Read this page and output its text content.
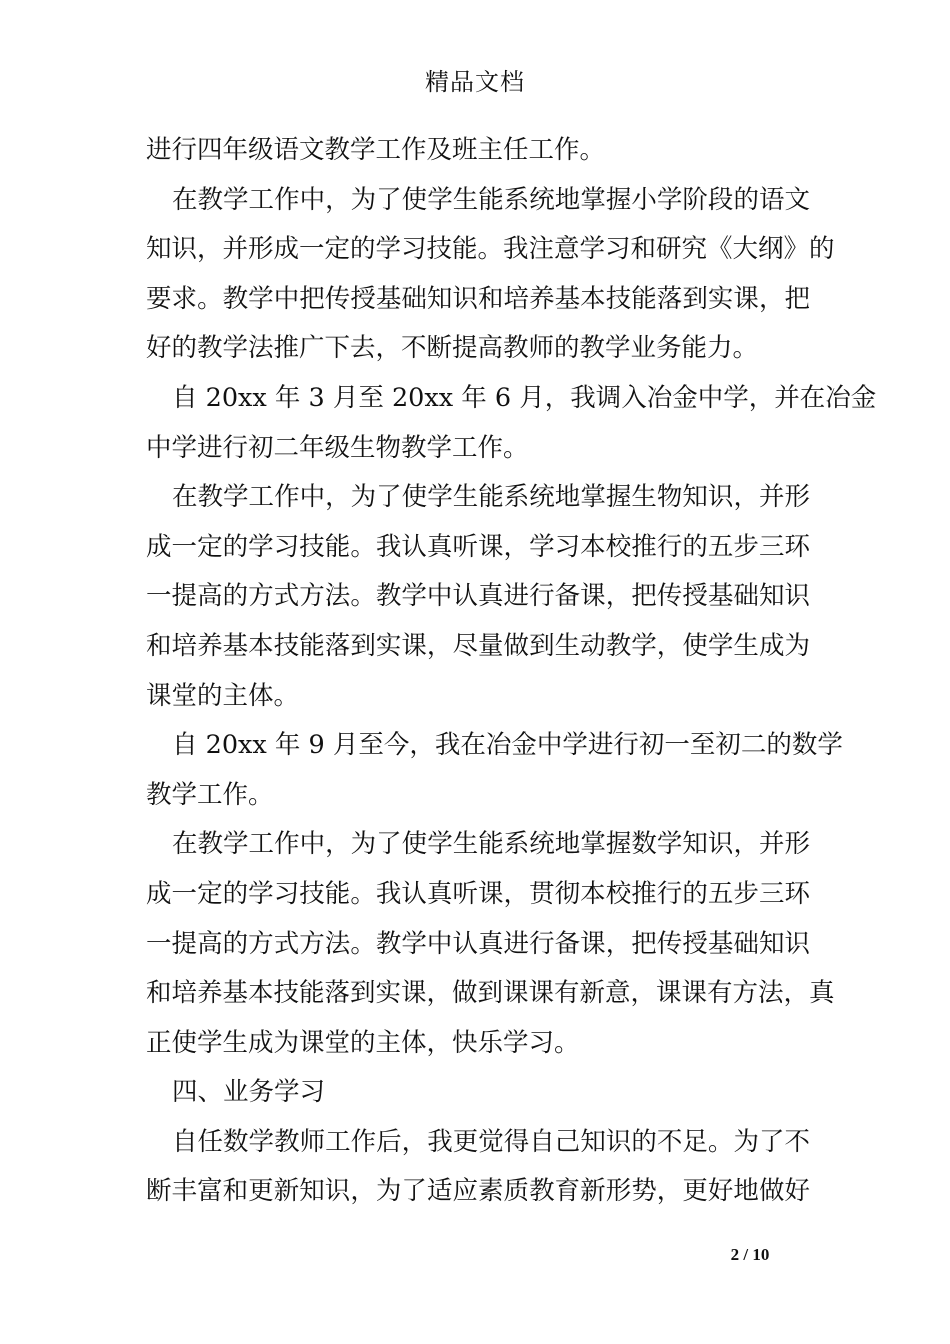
精品文档
进行四年级语文教学工作及班主任工作。
在教学工作中，为了使学生能系统地掌握小学阶段的语文
知识，并形成一定的学习技能。我注意学习和研究《大纲》的
要求。教学中把传授基础知识和培养基本技能落到实课，把
好的教学法推广下去，不断提高教师的教学业务能力。
自 20xx 年 3 月至 20xx 年 6 月，我调入冶金中学，并在冶金
中学进行初二年级生物教学工作。
在教学工作中，为了使学生能系统地掌握生物知识，并形
成一定的学习技能。我认真听课，学习本校推行的五步三环
一提高的方式方法。教学中认真进行备课，把传授基础知识
和培养基本技能落到实课，尽量做到生动教学，使学生成为
课堂的主体。
自 20xx 年 9 月至今，我在冶金中学进行初一至初二的数学
教学工作。
在教学工作中，为了使学生能系统地掌握数学知识，并形
成一定的学习技能。我认真听课，贯彻本校推行的五步三环
一提高的方式方法。教学中认真进行备课，把传授基础知识
和培养基本技能落到实课，做到课课有新意，课课有方法，真
正使学生成为课堂的主体，快乐学习。
四、业务学习
自任数学教师工作后，我更觉得自己知识的不足。为了不
断丰富和更新知识，为了适应素质教育新形势，更好地做好
2 / 10
